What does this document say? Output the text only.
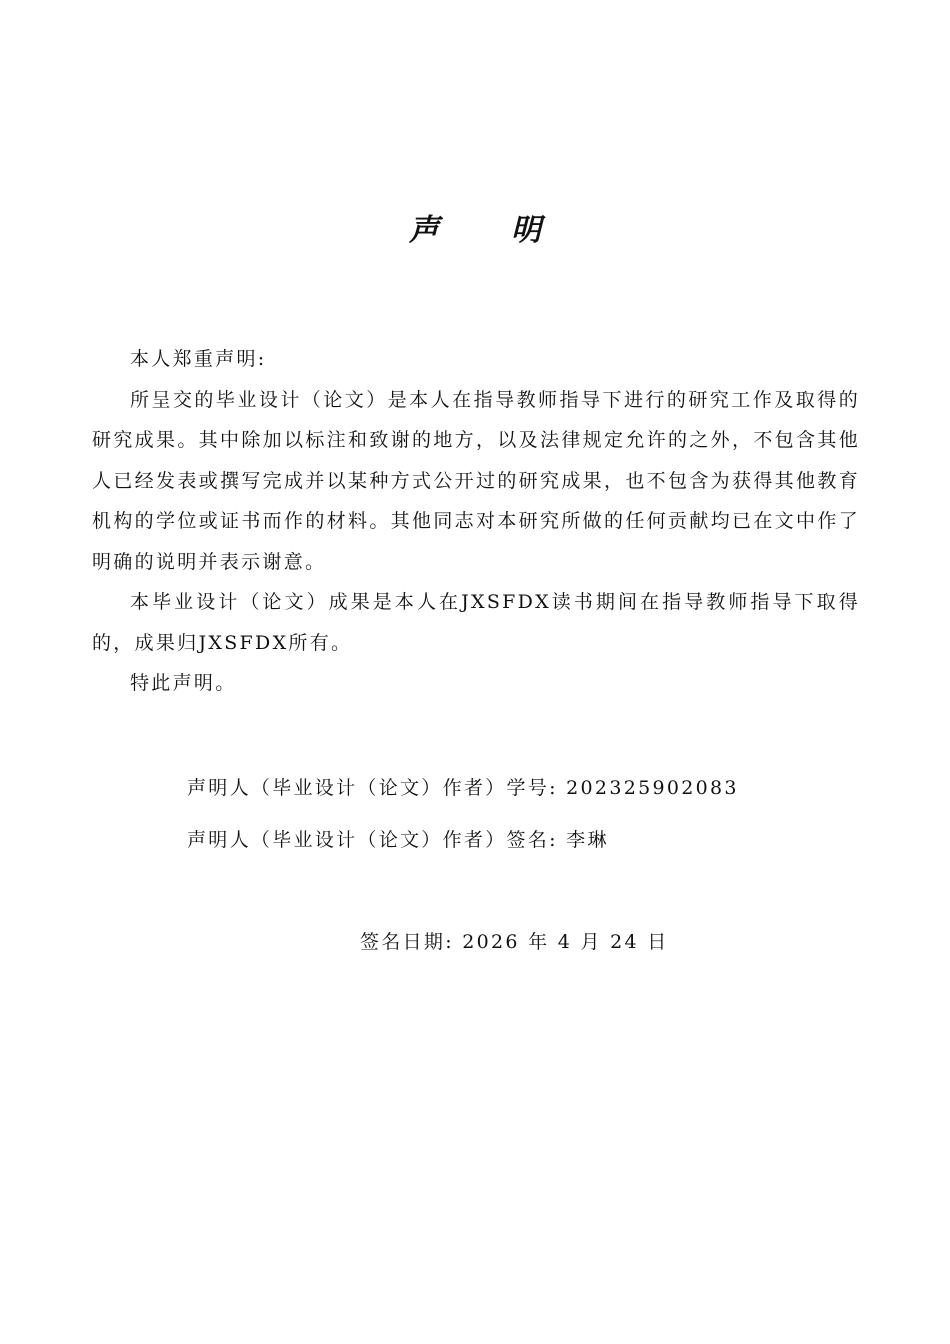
声 明

本人郑重声明:

所呈交的毕业设计（论文）是本人在指导教师指导下进行的研究工作及取得的研究成果。其中除加以标注和致谢的地方，以及法律规定允许的之外，不包含其他人已经发表或撰写完成并以某种方式公开过的研究成果，也不包含为获得其他教育机构的学位或证书而作的材料。其他同志对本研究所做的任何贡献均已在文中作了明确的说明并表示谢意。

本毕业设计（论文）成果是本人在JXSFDX读书期间在指导教师指导下取得的，成果归JXSFDX所有。

特此声明。

声明人（毕业设计（论文）作者）学号: 202325902083
声明人（毕业设计（论文）作者）签名: 李琳
签名日期: 2026 年 4 月 24 日
